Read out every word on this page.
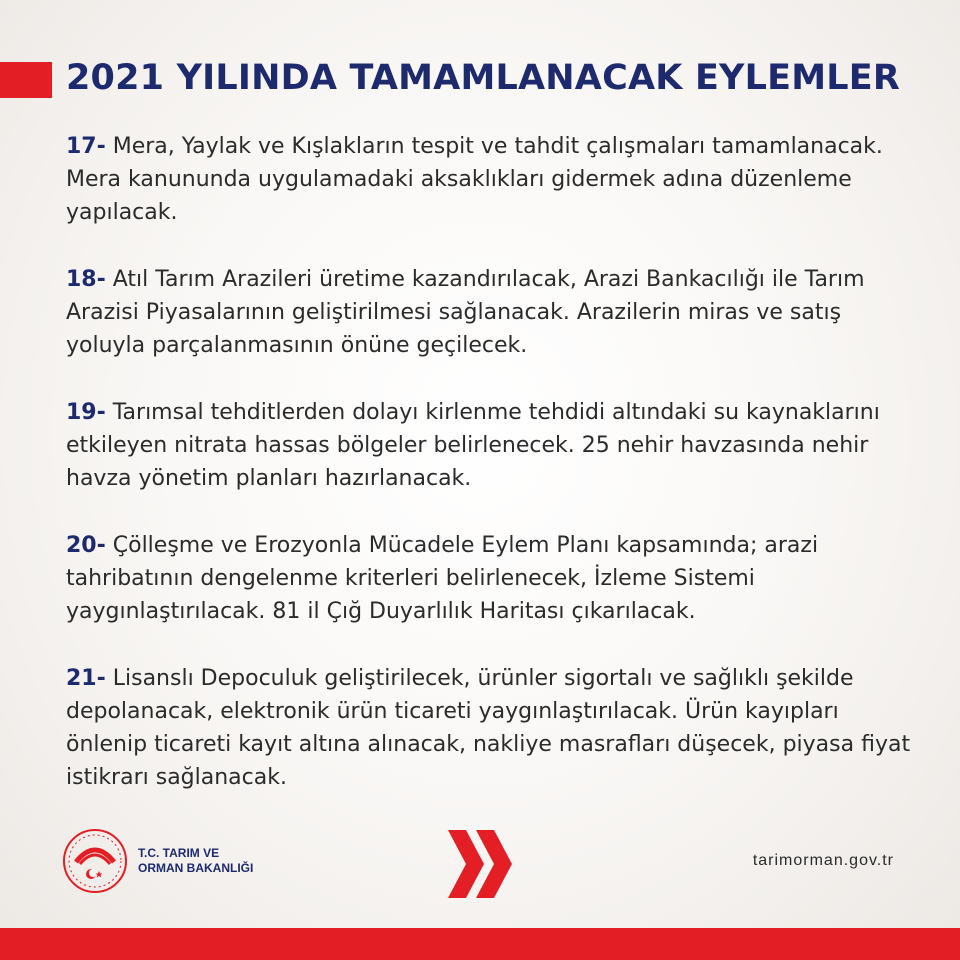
2021 YILINDA TAMAMLANACAK EYLEMLER

17- Mera, Yaylak ve Kışlakların tespit ve tahdit çalışmaları tamamlanacak. Mera kanununda uygulamadaki aksaklıkları gidermek adına düzenleme yapılacak.

18- Atıl Tarım Arazileri üretime kazandırılacak, Arazi Bankacılığı ile Tarım Arazisi Piyasalarının geliştirilmesi sağlanacak. Arazilerin miras ve satış yoluyla parçalanmasının önüne geçilecek.

19- Tarımsal tehditlerden dolayı kirlenme tehdidi altındaki su kaynaklarını etkileyen nitrata hassas bölgeler belirlenecek. 25 nehir havzasında nehir havza yönetim planları hazırlanacak.

20- Çölleşme ve Erozyonla Mücadele Eylem Planı kapsamında; arazi tahribatının dengelenme kriterleri belirlenecek, İzleme Sistemi yaygınlaştırılacak. 81 il Çığ Duyarlılık Haritası çıkarılacak.

21- Lisanslı Depoculuk geliştirilecek, ürünler sigortalı ve sağlıklı şekilde depolanacak, elektronik ürün ticareti yaygınlaştırılacak. Ürün kayıpları önlenip ticareti kayıt altına alınacak, nakliye masrafları düşecek, piyasa fiyat istikrarı sağlanacak.

T.C. TARIM VE
ORMAN BAKANLIĞI	tarimorman.gov.tr
